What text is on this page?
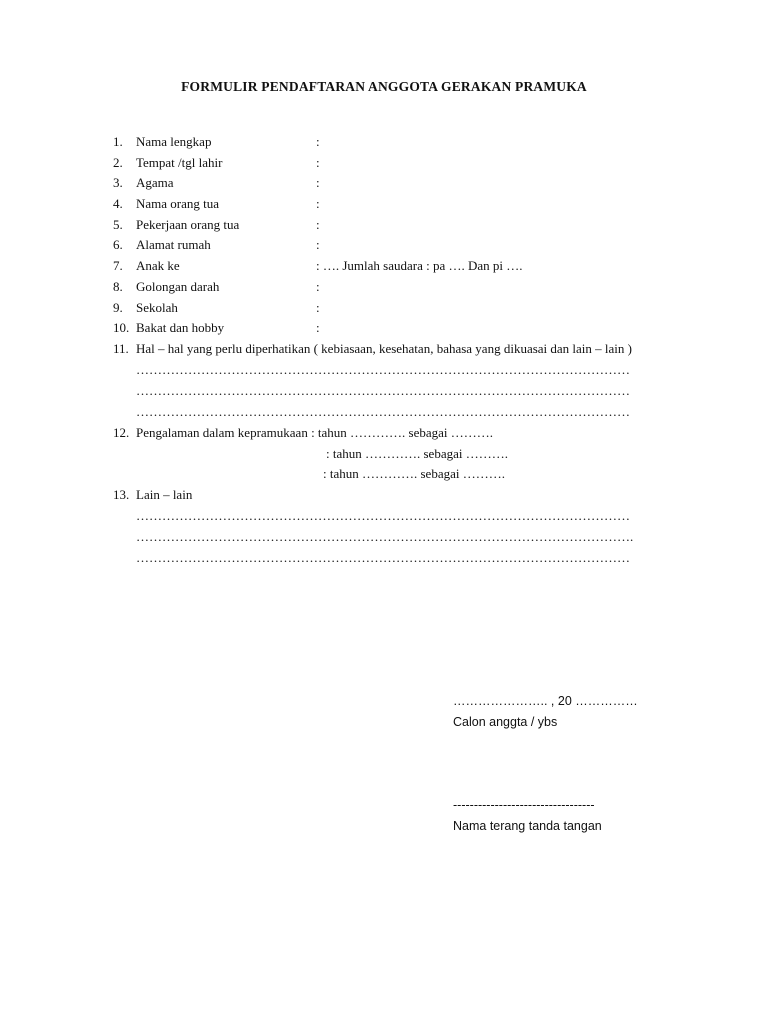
FORMULIR PENDAFTARAN ANGGOTA GERAKAN PRAMUKA
1. Nama lengkap	:
2. Tempat /tgl lahir	:
3. Agama	:
4. Nama orang tua	:
5. Pekerjaan orang tua	:
6. Alamat rumah	:
7. Anak ke	: …. Jumlah saudara : pa …. Dan pi ….
8. Golongan darah	:
9. Sekolah	:
10. Bakat dan hobby	:
11. Hal – hal yang perlu diperhatikan ( kebiasaan, kesehatan, bahasa yang dikuasai dan lain – lain )
……………………………………………………………………………………………………
……………………………………………………………………………………………………
……………………………………………………………………………………………………
12. Pengalaman dalam kepramukaan : tahun …………. sebagai ……….
: tahun …………. sebagai ……….
: tahun …………. sebagai ……….
13. Lain – lain
……………………………………………………………………………………………………
…………………………………………………………………………………………………….
……………………………………………………………………………………………………
………………….. , 20 ……………
Calon anggta / ybs
----------------------------------
Nama terang tanda tangan
